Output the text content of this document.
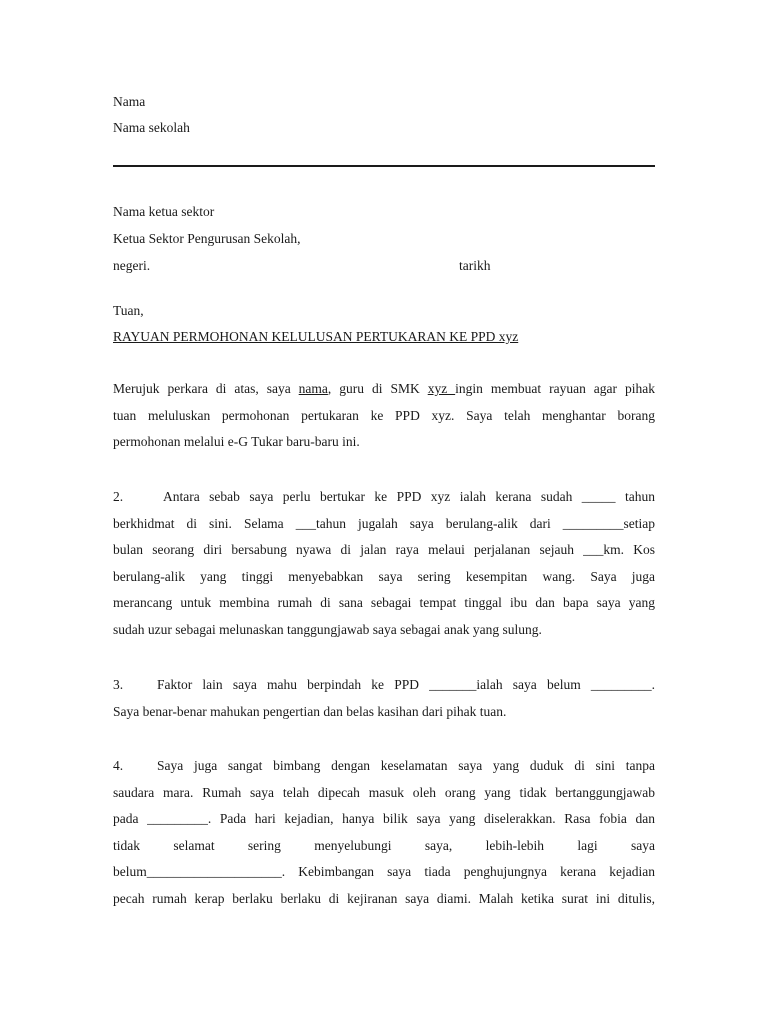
Nama
Nama sekolah
Nama ketua sektor
Ketua Sektor Pengurusan Sekolah,
negeri.	tarikh
Tuan,
RAYUAN PERMOHONAN KELULUSAN PERTUKARAN KE PPD xyz
Merujuk perkara di atas, saya nama, guru di SMK xyz ingin membuat rayuan agar pihak
tuan meluluskan permohonan pertukaran ke PPD xyz. Saya telah menghantar borang
permohonan melalui e-G Tukar baru-baru ini.
2.	Antara sebab saya perlu bertukar ke PPD xyz ialah kerana sudah _____ tahun
berkhidmat di sini. Selama ___tahun jugalah saya berulang-alik dari _________setiap
bulan seorang diri bersabung nyawa di jalan raya melaui perjalanan sejauh ___km. Kos
berulang-alik yang tinggi menyebabkan saya sering kesempitan wang. Saya juga
merancang untuk membina rumah di sana sebagai tempat tinggal ibu dan bapa saya yang
sudah uzur sebagai melunaskan tanggungjawab saya sebagai anak yang sulung.
3.	Faktor lain saya mahu berpindah ke PPD _______ialah saya belum _________.
Saya benar-benar mahukan pengertian dan belas kasihan dari pihak tuan.
4.	Saya juga sangat bimbang dengan keselamatan saya yang duduk di sini tanpa
saudara mara. Rumah saya telah dipecah masuk oleh orang yang tidak bertanggungjawab
pada _________. Pada hari kejadian, hanya bilik saya yang diselerakkan. Rasa fobia dan
tidak selamat sering menyelubungi saya, lebih-lebih lagi saya
belum____________________. Kebimbangan saya tiada penghujungnya kerana kejadian
pecah rumah kerap berlaku berlaku di kejiranan saya diami. Malah ketika surat ini ditulis,
